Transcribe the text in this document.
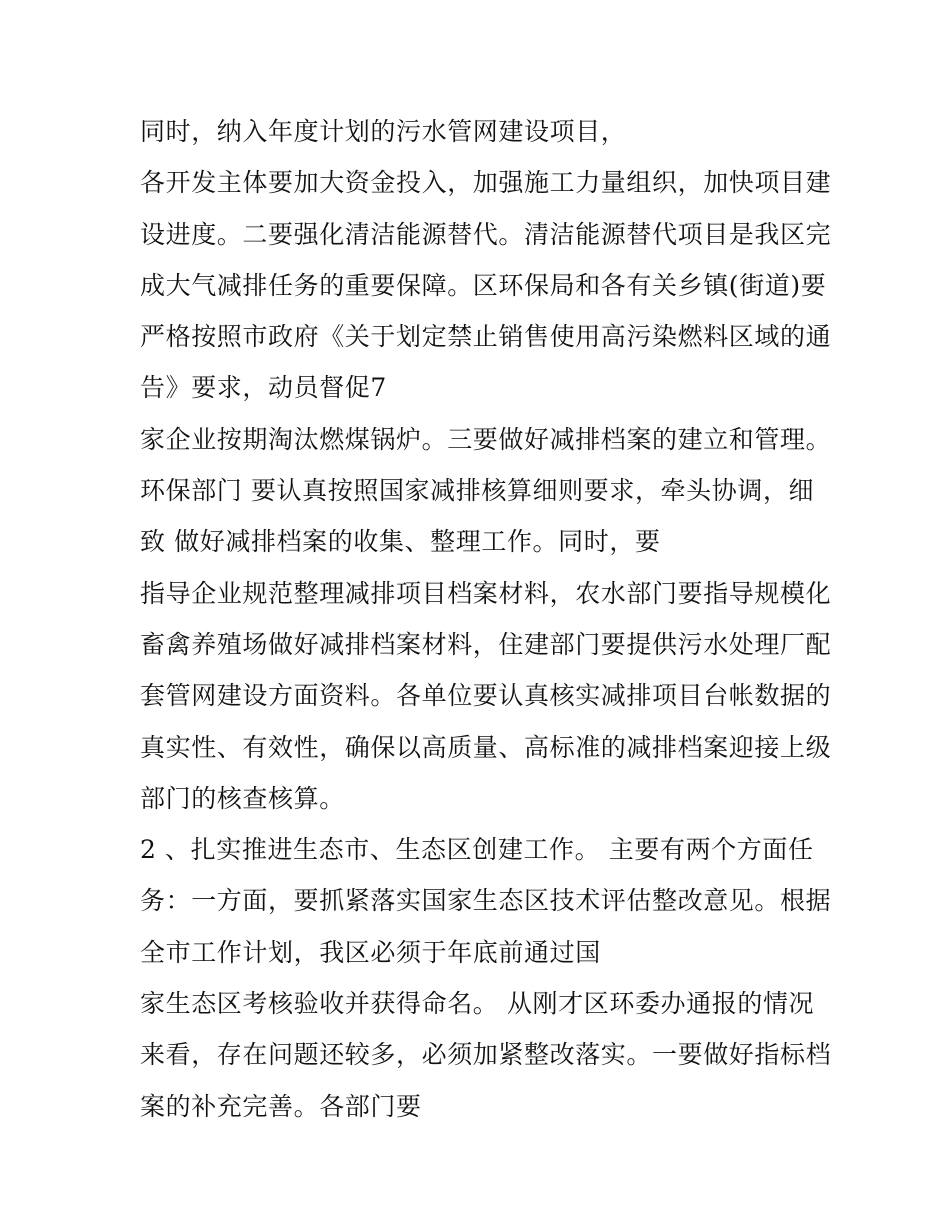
同时，纳入年度计划的污水管网建设项目，
各开发主体要加大资金投入，加强施工力量组织，加快项目建
设进度。二要强化清洁能源替代。清洁能源替代项目是我区完
成大气减排任务的重要保障。区环保局和各有关乡镇(街道)要
严格按照市政府《关于划定禁止销售使用高污染燃料区域的通
告》要求，动员督促7
家企业按期淘汰燃煤锅炉。三要做好减排档案的建立和管理。
环保部门 要认真按照国家减排核算细则要求，牵头协调，细
致 做好减排档案的收集、整理工作。同时，要
指导企业规范整理减排项目档案材料，农水部门要指导规模化
畜禽养殖场做好减排档案材料，住建部门要提供污水处理厂配
套管网建设方面资料。各单位要认真核实减排项目台帐数据的
真实性、有效性，确保以高质量、高标准的减排档案迎接上级
部门的核查核算。
2 、扎实推进生态市、生态区创建工作。 主要有两个方面任
务：一方面，要抓紧落实国家生态区技术评估整改意见。根据
全市工作计划，我区必须于年底前通过国
家生态区考核验收并获得命名。 从刚才区环委办通报的情况
来看，存在问题还较多，必须加紧整改落实。一要做好指标档
案的补充完善。各部门要
